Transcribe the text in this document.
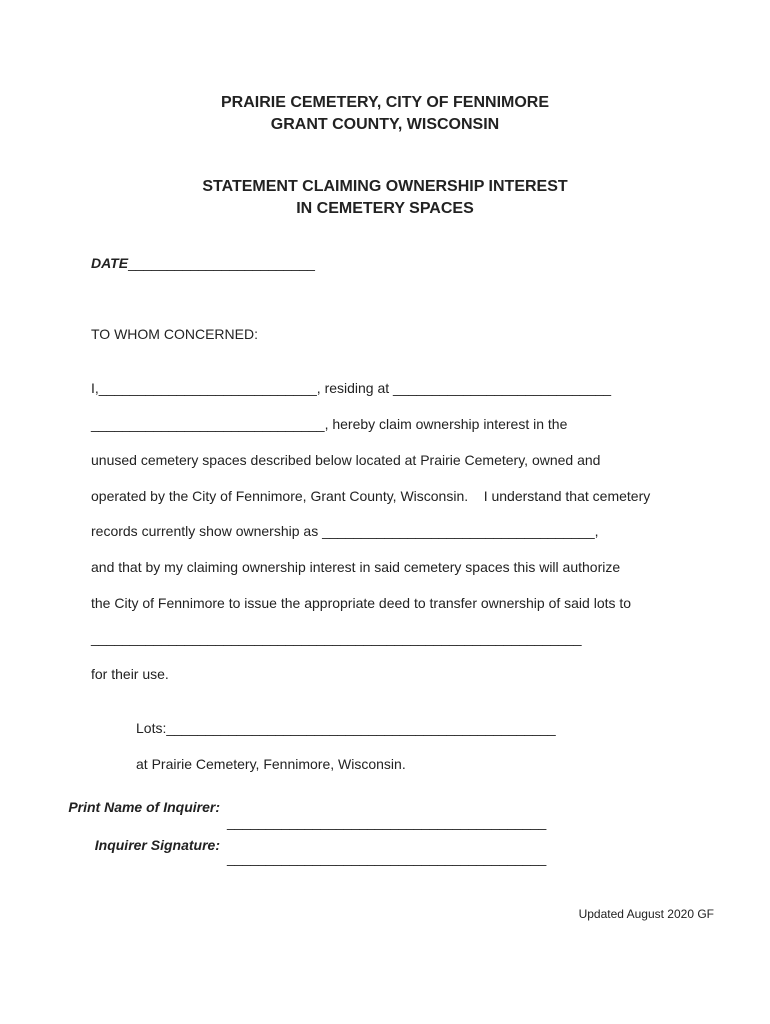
PRAIRIE CEMETERY, CITY OF FENNIMORE
GRANT COUNTY, WISCONSIN
STATEMENT CLAIMING OWNERSHIP INTEREST
IN CEMETERY SPACES
DATE________________________
TO WHOM CONCERNED:
I,____________________________, residing at ____________________________
______________________________, hereby claim ownership interest in the
unused cemetery spaces described below located at Prairie Cemetery, owned and
operated by the City of Fennimore, Grant County, Wisconsin.    I understand that cemetery
records currently show ownership as ___________________________________,
and that by my claiming ownership interest in said cemetery spaces this will authorize
the City of Fennimore to issue the appropriate deed to transfer ownership of said lots to
_______________________________________________________________
for their use.
Lots:__________________________________________________
at Prairie Cemetery, Fennimore, Wisconsin.
Print Name of Inquirer:
_________________________________________
Inquirer Signature:
_________________________________________
Updated August 2020 GF
